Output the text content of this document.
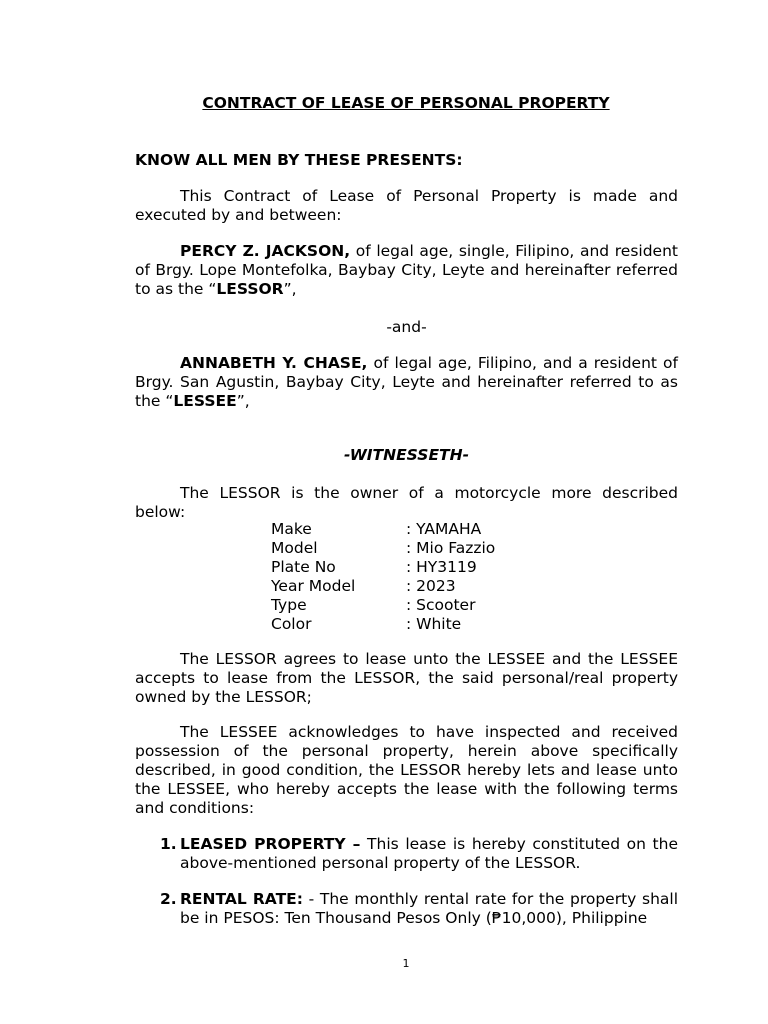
CONTRACT OF LEASE OF PERSONAL PROPERTY

KNOW ALL MEN BY THESE PRESENTS:

This Contract of Lease of Personal Property is made and executed by and between:

PERCY Z. JACKSON, of legal age, single, Filipino, and resident of Brgy. Lope Montefolka, Baybay City, Leyte and hereinafter referred to as the “LESSOR”,

-and-

ANNABETH Y. CHASE, of legal age, Filipino, and a resident of Brgy. San Agustin, Baybay City, Leyte and hereinafter referred to as the “LESSEE”,

-WITNESSETH-

The LESSOR is the owner of a motorcycle more described below:

Make	: YAMAHA
Model	: Mio Fazzio
Plate No	: HY3119
Year Model	: 2023
Type	: Scooter
Color	: White

The LESSOR agrees to lease unto the LESSEE and the LESSEE accepts to lease from the LESSOR, the said personal/real property owned by the LESSOR;

The LESSEE acknowledges to have inspected and received possession of the personal property, herein above specifically described, in good condition, the LESSOR hereby lets and lease unto the LESSEE, who hereby accepts the lease with the following terms and conditions:

1. LEASED PROPERTY – This lease is hereby constituted on the above-mentioned personal property of the LESSOR.
2. RENTAL RATE: - The monthly rental rate for the property shall be in PESOS: Ten Thousand Pesos Only (₱10,000), Philippine

1
